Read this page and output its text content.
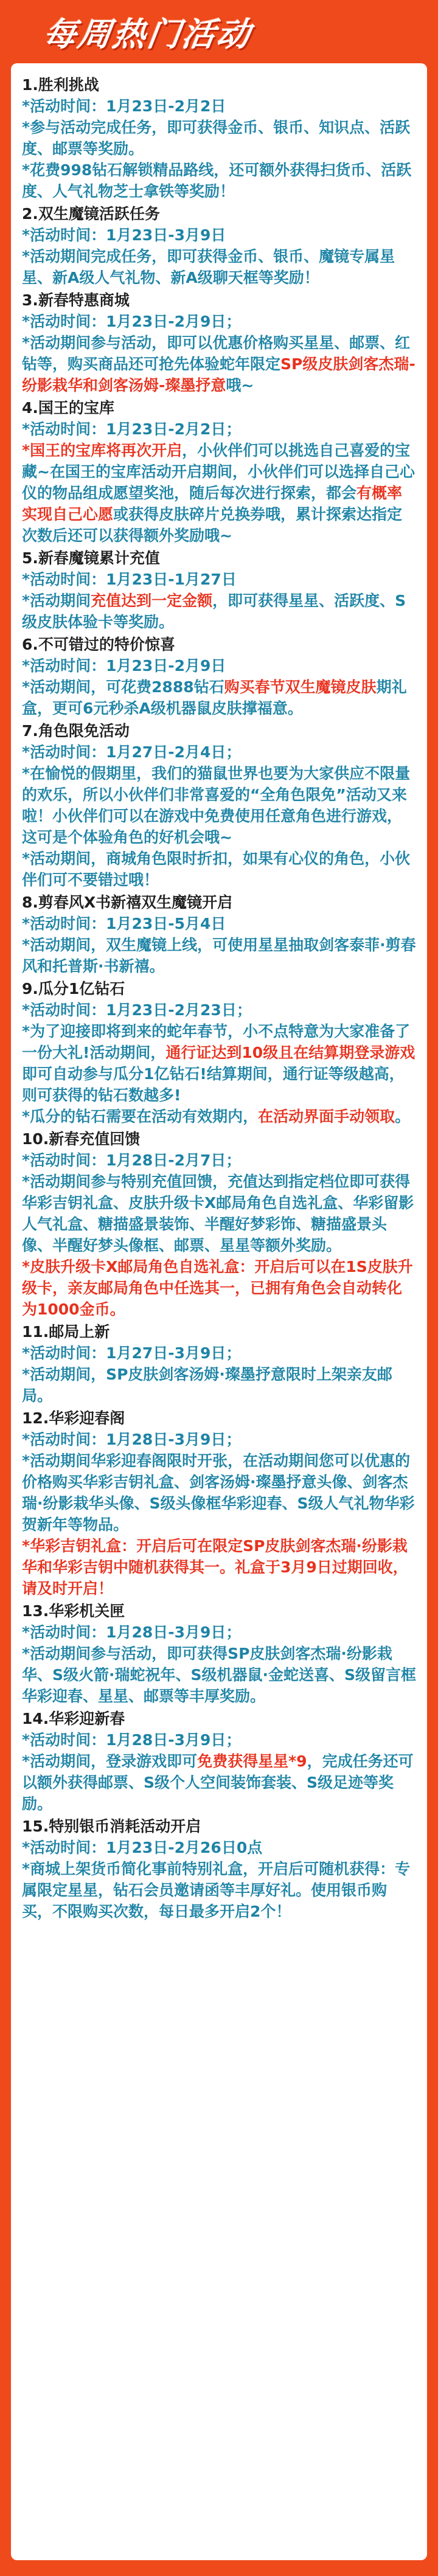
每周热门活动
1.胜利挑战
*活动时间：1月23日-2月2日
*参与活动完成任务，即可获得金币、银币、知识点、活跃度、邮票等奖励。
*花费998钻石解锁精品路线，还可额外获得扫货币、活跃度、人气礼物芝士拿铁等奖励！
2.双生魔镜活跃任务
*活动时间：1月23日-3月9日
*活动期间完成任务，即可获得金币、银币、魔镜专属星星、新A级人气礼物、新A级聊天框等奖励！
3.新春特惠商城
*活动时间：1月23日-2月9日；
*活动期间参与活动，即可以优惠价格购买星星、邮票、红钻等，购买商品还可抢先体验蛇年限定SP级皮肤剑客杰瑞-纷影栽华和剑客汤姆-璨墨抒意哦~
4.国王的宝库
*活动时间：1月23日-2月2日；
*国王的宝库将再次开启，小伙伴们可以挑选自己喜爱的宝藏~在国王的宝库活动开启期间，小伙伴们可以选择自己心仪的物品组成愿望奖池，随后每次进行探索，都会有概率实现自己心愿或获得皮肤碎片兑换券哦，累计探索达指定次数后还可以获得额外奖励哦~
5.新春魔镜累计充值
*活动时间：1月23日-1月27日
*活动期间充值达到一定金额，即可获得星星、活跃度、S级皮肤体验卡等奖励。
6.不可错过的特价惊喜
*活动时间：1月23日-2月9日
*活动期间，可花费2888钻石购买春节双生魔镜皮肤期礼盒，更可6元秒杀A级机器鼠皮肤撑福意。
7.角色限免活动
*活动时间：1月27日-2月4日；
*在愉悦的假期里，我们的猫鼠世界也要为大家供应不限量的欢乐，所以小伙伴们非常喜爱的“全角色限免”活动又来啦！小伙伴们可以在游戏中免费使用任意角色进行游戏，这可是个体验角色的好机会哦~
*活动期间，商城角色限时折扣，如果有心仪的角色，小伙伴们可不要错过哦！
8.剪春风X书新禧双生魔镜开启
*活动时间：1月23日-5月4日
*活动期间，双生魔镜上线，可使用星星抽取剑客泰菲·剪春风和托普斯·书新禧。
9.瓜分1亿钻石
*活动时间：1月23日-2月23日；
*为了迎接即将到来的蛇年春节，小不点特意为大家准备了一份大礼!活动期间，通行证达到10级且在结算期登录游戏即可自动参与瓜分1亿钻石!结算期间，通行证等级越高，则可获得的钻石数越多!
*瓜分的钻石需要在活动有效期内，在活动界面手动领取。
10.新春充值回馈
*活动时间：1月28日-2月7日；
*活动期间参与特别充值回馈，充值达到指定档位即可获得华彩吉钥礼盒、皮肤升级卡X邮局角色自选礼盒、华彩留影人气礼盒、糖描盛景装饰、半醒好梦彩饰、糖描盛景头像、半醒好梦头像框、邮票、星星等额外奖励。
*皮肤升级卡X邮局角色自选礼盒：开启后可以在1S皮肤升级卡，亲友邮局角色中任选其一，已拥有角色会自动转化为1000金币。
11.邮局上新
*活动时间：1月27日-3月9日；
*活动期间，SP皮肤剑客汤姆·璨墨抒意限时上架亲友邮局。
12.华彩迎春阁
*活动时间：1月28日-3月9日；
*活动期间华彩迎春阁限时开张，在活动期间您可以优惠的价格购买华彩吉钥礼盒、剑客汤姆·璨墨抒意头像、剑客杰瑞·纷影栽华头像、S级头像框华彩迎春、S级人气礼物华彩贺新年等物品。
*华彩吉钥礼盒：开启后可在限定SP皮肤剑客杰瑞·纷影栽华和华彩吉钥中随机获得其一。礼盒于3月9日过期回收，请及时开启！
13.华彩机关匣
*活动时间：1月28日-3月9日；
*活动期间参与活动，即可获得SP皮肤剑客杰瑞·纷影栽华、S级火箭·瑞蛇祝年、S级机器鼠·金蛇送喜、S级留言框华彩迎春、星星、邮票等丰厚奖励。
14.华彩迎新春
*活动时间：1月28日-3月9日；
*活动期间，登录游戏即可免费获得星星*9，完成任务还可以额外获得邮票、S级个人空间装饰套装、S级足迹等奖励。
15.特别银币消耗活动开启
*活动时间：1月23日-2月26日0点
*商城上架货币简化事前特别礼盒，开启后可随机获得：专属限定星星，钻石会员邀请函等丰厚好礼。使用银币购买，不限购买次数，每日最多开启2个！
